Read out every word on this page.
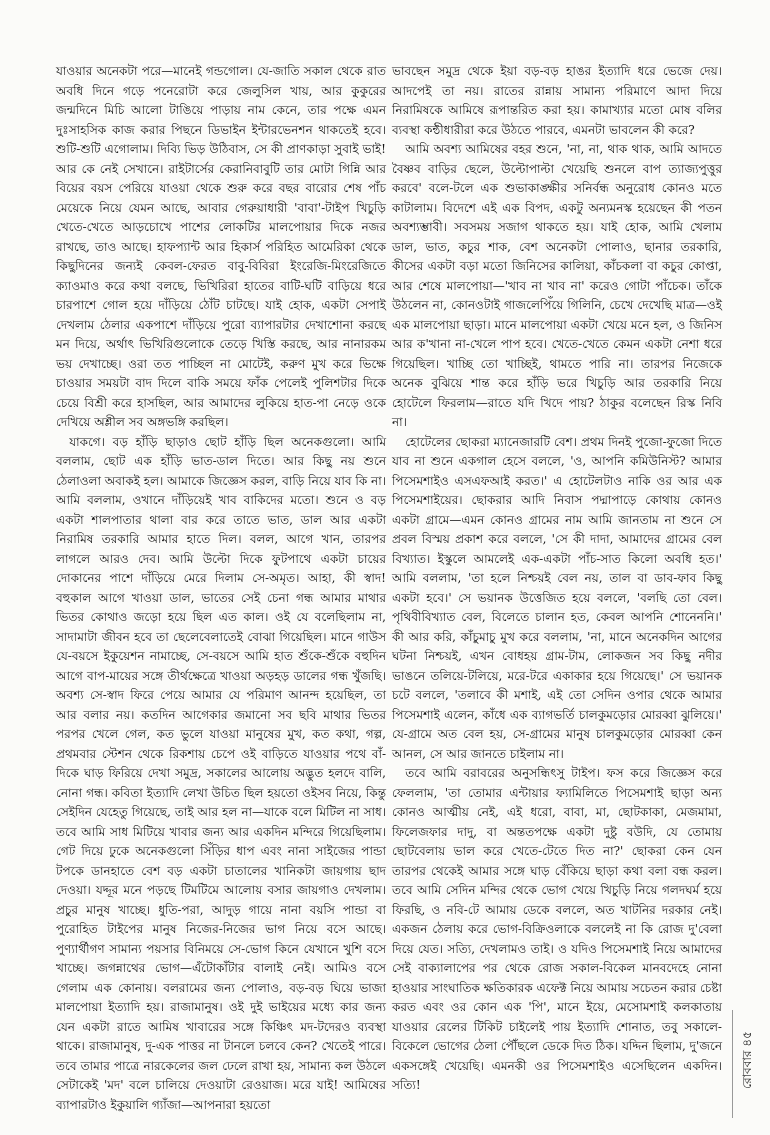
যাওয়ার অনেকটা পরে—মানেই গন্ডগোল। যে-জাতি সকাল থেকে রাত অবধি দিনে গড়ে পনেরোটা করে জেলুসিল খায়, আর কুকুরের জন্মদিনে মিচি আলো টাঙিয়ে পাড়ায় নাম কেনে, তার পক্ষে এমন দুঃসাহসিক কাজ করার পিছনে ডিভাইন ইন্টারভেনশন থাকতেই হবে। শুটি-শুটি এগোলাম। দিব্যি ভিড় উঠিবাস, সে কী প্রাণকাড়া সুবাই ভাই! আর কে নেই সেখানে। রাইটার্সের কেরানিবাবুটি তার মোটা গিন্নি আর বিয়ের বয়স পেরিয়ে যাওয়া থেকে শুরু করে বছর বারোর শেষ পাঁচ মেয়েকে নিয়ে যেমন আছে, আবার গেরুয়াধারী 'বাবা'-টাইপ খিচুড়ি খেতে-খেতে আড়চোখে পাশের লোকটির মালপোয়ার দিকে নজর রাখছে, তাও আছে। হাফপ্যান্ট আর হিকার্স পরিহিত আমেরিকা থেকে কিছুদিনের জন্যই কেবল-ফেরত বাবু-বিবিরা ইংরেজি-মিংরেজিতে ক্যাওমাও করে কথা বলছে, ভিখিরিরা হাতের বাটি-ঘটি বাড়িয়ে ধরে চারপাশে গোল হয়ে দাঁড়িয়ে ঠোঁট চাটছে। যাই হোক, একটা সেপাই দেখলাম ঠেলার একপাশে দাঁড়িয়ে পুরো ব্যাপারটার দেখাশোনা করছে মন দিয়ে, অর্থাৎ ভিখিরিগুলোকে তেড়ে খিস্তি করছে, আর নানারকম ভয় দেখাচ্ছে। ওরা তত পাচ্ছিল না মোটেই, করুণ মুখ করে ভিক্ষে চাওয়ার সময়টা বাদ দিলে বাকি সময়ে ফাঁক পেলেই পুলিশটার দিকে চেয়ে বিশ্রী করে হাসছিল, আর আমাদের লুকিয়ে হাত-পা নেড়ে ওকে দেখিয়ে অশ্লীল সব অঙ্গভঙ্গি করছিল।

যাকগে। বড় হাঁড়ি ছাড়াও ছোট হাঁড়ি ছিল অনেকগুলো। আমি বললাম, ছোট এক হাঁড়ি ভাত-ডাল দিতে। আর কিছু নয় শুনে ঠেলাওলা অবাকই হল। আমাকে জিজ্ঞেস করল, বাড়ি নিয়ে যাব কি না। আমি বললাম, ওখানে দাঁড়িয়েই খাব বাকিদের মতো। শুনে ও বড় একটা শালপাতার থালা বার করে তাতে ভাত, ডাল আর একটা নিরামিষ তরকারি আমার হাতে দিল। বলল, আগে খান, তারপর লাগলে আরও দেব। আমি উল্টো দিকে ফুটপাথে একটা চায়ের দোকানের পাশে দাঁড়িয়ে মেরে দিলাম সে-অমৃত। আহা, কী স্বাদ! বহুকাল আগে খাওয়া ডাল, ভাতের সেই চেনা গন্ধ আমার মাথার ভিতর কোথাও জড়ো হয়ে ছিল এত কাল। ওই যে বলেছিলাম না, সাদামাটা জীবন হবে তা ছেলেবেলাতেই বোঝা গিয়েছিল। মানে গাউস যে-বয়সে ইকুয়েশন নামাচ্ছে, সে-বয়সে আমি হাত শুঁকে-শুঁকে বহুদিন আগে বাপ-মায়ের সঙ্গে তীর্থক্ষেত্রে খাওয়া অড়হড় ডালের গন্ধ খুঁজছি। অবশ্য সে-স্বাদ ফিরে পেয়ে আমার যে পরিমাণ আনন্দ হয়েছিল, তা আর বলার নয়। কতদিন আগেকার জমানো সব ছবি মাথার ভিতর পরপর খেলে গেল, কত ভুলে যাওয়া মানুষের মুখ, কত কথা, গল্প, প্রথমবার স্টেশন থেকে রিকশায় চেপে ওই বাড়িতে যাওয়ার পথে বাঁ-দিকে ঘাড় ফিরিয়ে দেখা সমুদ্র, সকালের আলোয় অদ্ভুত হলদে বালি, নোনা গন্ধ। কবিতা ইত্যাদি লেখা উচিত ছিল হয়তো ওইসব নিয়ে, কিন্তু সেইদিন যেহেতু গিয়েছে, তাই আর হল না—যাকে বলে মিটিল না সাধ। তবে আমি সাধ মিটিয়ে খাবার জন্য আর একদিন মন্দিরে গিয়েছিলাম। গেট দিয়ে ঢুকে অনেকগুলো সিঁড়ির ধাপ এবং নানা সাইজের পান্ডা টপকে ডানহাতে বেশ বড় একটা চাতালের খানিকটা জায়গায় ছাদ দেওয়া। যদ্দূর মনে পড়ছে টিমটিমে আলোয় বসার জায়গাও দেখলাম। প্রচুর মানুষ খাচ্ছে। ধুতি-পরা, আদুড় গায়ে নানা বয়সি পান্ডা বা পুরোহিত টাইপের মানুষ নিজের-নিজের ভাগ নিয়ে বসে আছে। পুণ্যার্থীগণ সামান্য পয়সার বিনিময়ে সে-ভোগ কিনে যেখানে খুশি বসে খাচ্ছে। জগন্নাথের ভোগ—এঁটোকাঁটার বালাই নেই। আমিও বসে গেলাম এক কোনায়। বলরামের জন্য পোলাও, বড়-বড় ঘিয়ে ভাজা মালপোয়া ইত্যাদি হয়। রাজামানুষ। ওই দুই ভাইয়ের মধ্যে কার জন্য যেন একটা রাতে আমিষ খাবারের সঙ্গে কিঞ্চিৎ মদ-টদেরও ব্যবস্থা থাকে। রাজামানুষ, দু-এক পাত্তর না টানলে চলবে কেন? খেতেই পারে। তবে তামার পাত্রে নারকেলের জল ঢেলে রাখা হয়, সামান্য কল উঠলে সেটাকেই 'মদ' বলে চালিয়ে দেওয়াটা রেওয়াজ। মরে যাই! আমিষের ব্যাপারটাও ইকুয়ালি গ্যাঁজা—আপনারা হয়তো

ভাবছেন সমুদ্র থেকে ইয়া বড়-বড় হাঙর ইত্যাদি ধরে ভেজে দেয়। আদপেই তা নয়। রাতের রান্নায় সামান্য পরিমাণে আদা দিয়ে নিরামিষকে আমিষে রূপান্তরিত করা হয়। কামাখ্যার মতো মোষ বলির ব্যবস্থা কন্ঠীধারীরা করে উঠতে পারবে, এমনটা ভাবলেন কী করে?

আমি অবশ্য আমিষের বহর শুনে, 'না, না, থাক থাক, আমি আদতে বৈষ্ণব বাড়ির ছেলে, উল্টোপাল্টা খেয়েছি শুনলে বাপ ত্যাজ্যপুত্তুর করবে' বলে-টলে এক শুভাকাঙ্ক্ষীর সনির্বন্ধ অনুরোধ কোনও মতে কাটালাম। বিদেশে এই এক বিপদ, একটু অন্যমনস্ক হয়েছেন কী পতন অবশ্যম্ভাবী। সবসময় সজাগ থাকতে হয়। যাই হোক, আমি খেলাম ডাল, ভাত, কচুর শাক, বেশ অনেকটা পোলাও, ছানার তরকারি, কীসের একটা বড়া মতো জিনিসের কালিয়া, কাঁচকলা বা কচুর কোপ্তা, আর শেষে মালপোয়া—'খাব না খাব না' করেও গোটা পাঁচেক। তাঁকে উঠলেন না, কোনওটাই গাজলেপিঁয়ে গিলিনি, চেখে দেখেছি মাত্র—ওই এক মালপোয়া ছাড়া। মানে মালপোয়া একটা খেয়ে মনে হল, ও জিনিস আর ক'খানা না-খেলে পাপ হবে। খেতে-খেতে কেমন একটা নেশা ধরে গিয়েছিল। খাচ্ছি তো খাচ্ছিই, থামতে পারি না। তারপর নিজেকে অনেক বুঝিয়ে শান্ত করে হাঁড়ি ভরে খিচুড়ি আর তরকারি নিয়ে হোটেলে ফিরলাম—রাতে যদি খিদে পায়? ঠাকুর বলেছেন রিস্ক নিবি না।

হোটেলের ছোকরা ম্যানেজারটি বেশ। প্রথম দিনই পুজো-ফুজো দিতে যাব না শুনে একগাল হেসে বললে, 'ও, আপনি কমিউনিস্ট? আমার পিসেমশাইও এসএফআই করত।' এ হোটেলটাও নাকি ওর আর এক পিসেমশাইয়ের। ছোকরার আদি নিবাস পদ্মাপাড়ে কোথায় কোনও একটা গ্রামে—এমন কোনও গ্রামের নাম আমি জানতাম না শুনে সে প্রবল বিস্ময় প্রকাশ করে বললে, 'সে কী দাদা, আমাদের গ্রামের বেল বিখ্যাত। ইস্কুলে আমলেই এক-একটা পাঁচ-সাত কিলো অবধি হত।' আমি বললাম, 'তা হলে নিশ্চয়ই বেল নয়, তাল বা ডাব-ফাব কিছু একটা হবে।' সে ভয়ানক উত্তেজিত হয়ে বললে, 'বলছি তো বেল। পৃথিবীবিখ্যাত বেল, বিলেতে চালান হত, কেবল আপনি শোনেননি।' কী আর করি, কাঁচুমাচু মুখ করে বললাম, 'না, মানে অনেকদিন আগের ঘটনা নিশ্চয়ই, এখন বোধহয় গ্রাম-টাম, লোকজন সব কিছু নদীর ভাঙনে তলিয়ে-টলিয়ে, মরে-টরে একাকার হয়ে গিয়েছে।' সে ভয়ানক চটে বললে, 'তলাবে কী মশাই, এই তো সেদিন ওপার থেকে আমার পিসেমশাই এলেন, কাঁধে এক ব্যাগভর্তি চালকুমড়োর মোরব্বা ঝুলিয়ে।' যে-গ্রামে অত বেল হয়, সে-গ্রামের মানুষ চালকুমড়োর মোরব্বা কেন আনল, সে আর জানতে চাইলাম না।

তবে আমি বরাবরের অনুসন্ধিৎসু টাইপ। ফস করে জিজ্ঞেস করে ফেললাম, 'তা তোমার এন্টায়ার ফ্যামিলিতে পিসেমশাই ছাড়া অন্য কোনও আত্মীয় নেই, এই ধরো, বাবা, মা, ছোটকাকা, মেজমামা, ফিলেজফার দাদু, বা অন্ততপক্ষে একটা দুষ্টু বউদি, যে তোমায় ছোটবেলায় ভাল করে খেতে-টেতে দিত না?' ছোকরা কেন যেন তারপর থেকেই আমার সঙ্গে ঘাড় বেঁকিয়ে ছাড়া কথা বলা বন্ধ করল। তবে আমি সেদিন মন্দির থেকে ভোগ খেয়ে খিচুড়ি নিয়ে গলদঘর্ম হয়ে ফিরছি, ও নবি-টে আমায় ডেকে বললে, অত খাটনির দরকার নেই। একজন ঠেলায় করে ভোগ-বিক্রিওলাকে বললেই না কি রোজ দু'বেলা দিয়ে যেত। সত্যি, দেখলামও তাই। ও যদিও পিসেমশাই নিয়ে আমাদের সেই বাক্যালাপের পর থেকে রোজ সকাল-বিকেল মানবদেহে নোনা হাওয়ার সাংঘাতিক ক্ষতিকারক এফেক্ট নিয়ে আমায় সচেতন করার চেষ্টা করত এবং ওর কোন এক 'পি', মানে ইয়ে, মেসোমশাই কলকাতায় যাওয়ার রেলের টিকিট চাইলেই পায় ইত্যাদি শোনাত, তবু সকালে-বিকেলে ভোগের ঠেলা পৌঁছলে ডেকে দিত ঠিক। যদ্দিন ছিলাম, দু'জনে একসঙ্গেই খেয়েছি। এমনকী ওর পিসেমশাইও এসেছিলেন একদিন। সত্যি!	রোববার ৪৫
